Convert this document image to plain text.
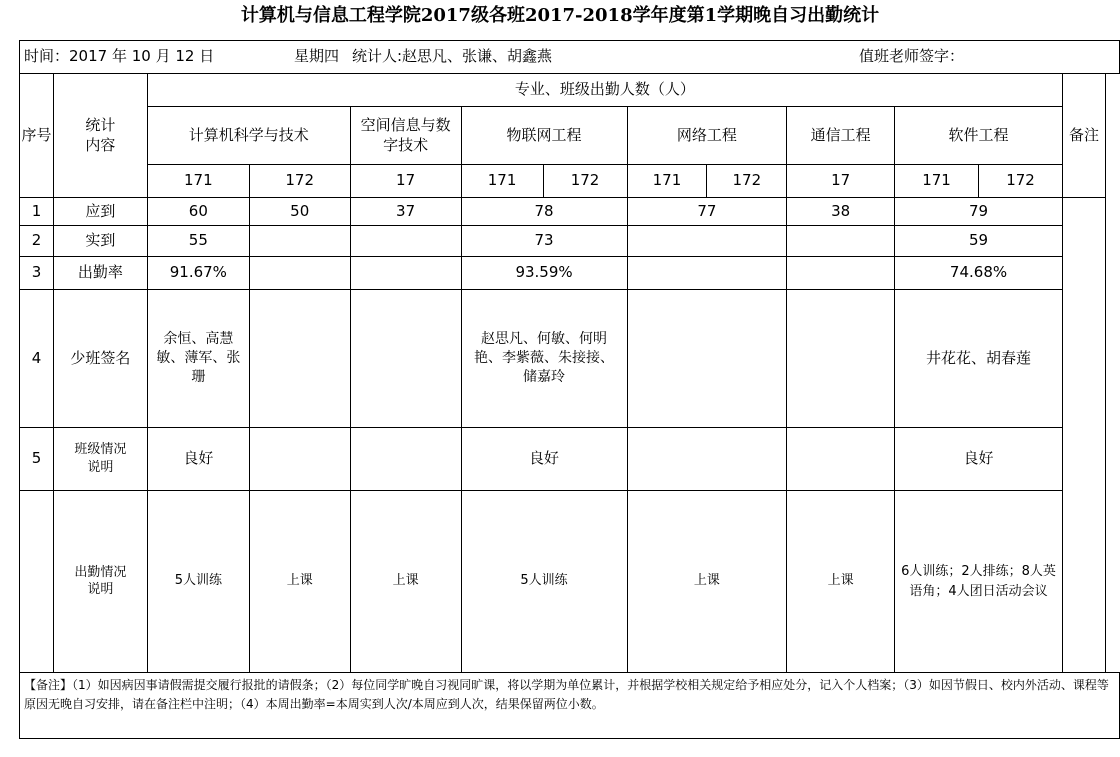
计算机与信息工程学院2017级各班2017-2018学年度第1学期晚自习出勤统计
时间：2017 年 10 月 12 日 星期四 统计人:赵思凡、张谦、胡鑫燕 值班老师签字：													
序号	统计内容	专业、班级出勤人数（人）										备注	
		计算机科学与技术		空间信息与数字技术	物联网工程		网络工程		通信工程	软件工程			
		171	172	17	171	172	171	172	17	171	172		
1	应到	60	50	37	78		77		38	79			
2	实到	55			73					59			
3	出勤率	91.67%			93.59%					74.68%			
4	少班签名	余恒、高慧敏、薄军、张珊			赵思凡、何敏、何明艳、李紫薇、朱接接、储嘉玲					井花花、胡春莲			
5	班级情况说明	良好			良好					良好			
	出勤情况说明	5人训练	上课	上课	5人训练		上课		上课	6人训练；2人排练；8人英语角；4人团日活动会议			
【备注】（1）如因病因事请假需提交履行报批的请假条；（2）每位同学旷晚自习视同旷课，将以学期为单位累计，并根据学校相关规定给予相应处分，记入个人档案；（3）如因节假日、校内外活动、课程等原因无晚自习安排，请在备注栏中注明；（4）本周出勤率=本周实到人次/本周应到人次，结果保留两位小数。													
